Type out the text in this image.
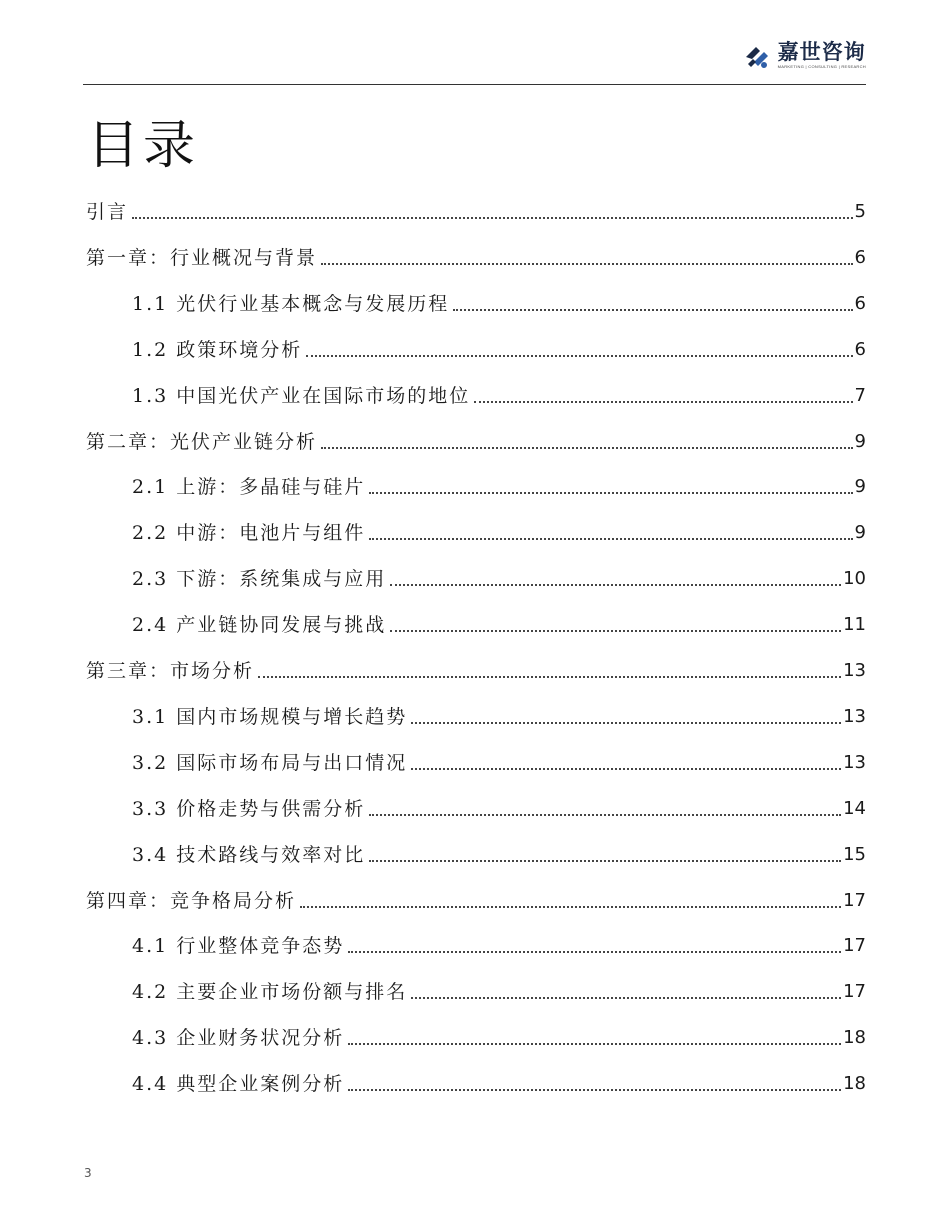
嘉世咨询
MARKETING | CONSULTING | RESEARCH
目录
引言	5
第一章：行业概况与背景	6
1.1 光伏行业基本概念与发展历程	6
1.2 政策环境分析	6
1.3 中国光伏产业在国际市场的地位	7
第二章：光伏产业链分析	9
2.1 上游：多晶硅与硅片	9
2.2 中游：电池片与组件	9
2.3 下游：系统集成与应用	10
2.4 产业链协同发展与挑战	11
第三章：市场分析	13
3.1 国内市场规模与增长趋势	13
3.2 国际市场布局与出口情况	13
3.3 价格走势与供需分析	14
3.4 技术路线与效率对比	15
第四章：竞争格局分析	17
4.1 行业整体竞争态势	17
4.2 主要企业市场份额与排名	17
4.3 企业财务状况分析	18
4.4 典型企业案例分析	18
3
